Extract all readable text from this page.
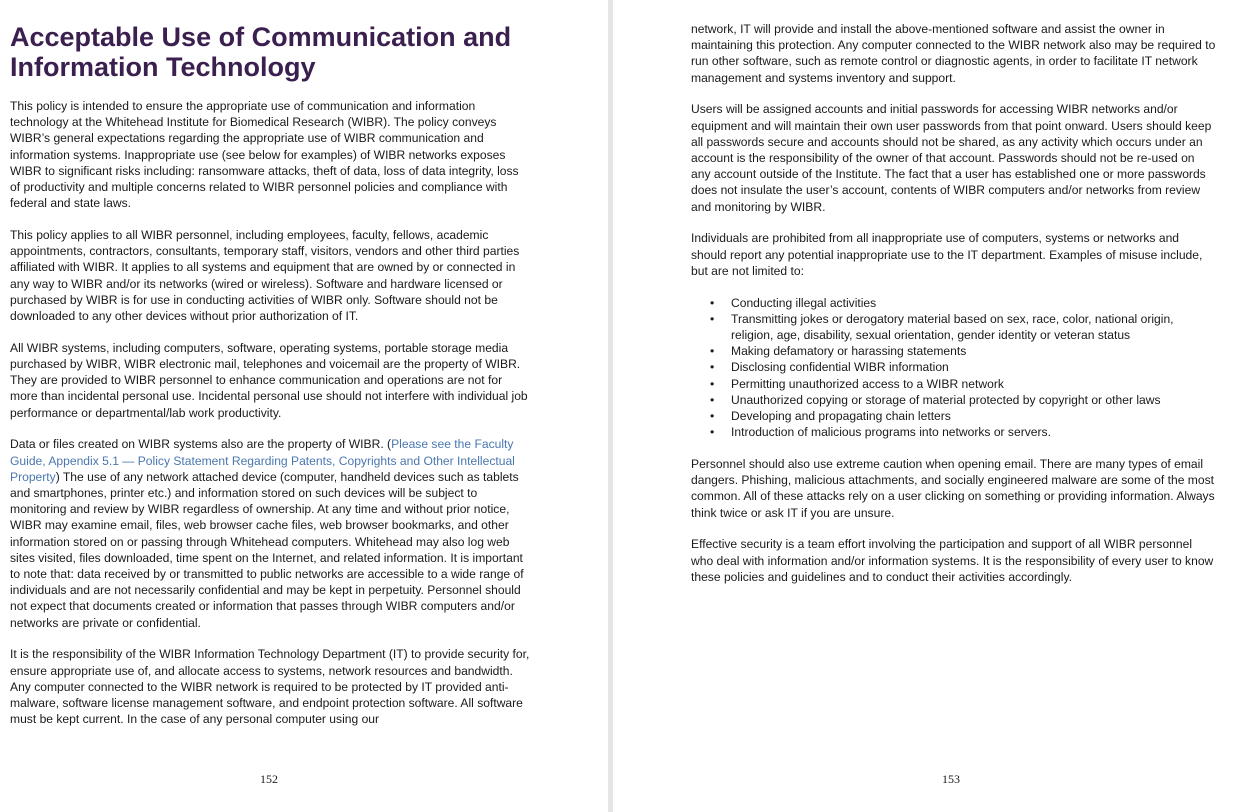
Acceptable Use of Communication and Information Technology

This policy is intended to ensure the appropriate use of communication and information technology at the Whitehead Institute for Biomedical Research (WIBR). The policy conveys WIBR’s general expectations regarding the appropriate use of WIBR communication and information systems. Inappropriate use (see below for examples) of WIBR networks exposes WIBR to significant risks including: ransomware attacks, theft of data, loss of data integrity, loss of productivity and multiple concerns related to WIBR personnel policies and compliance with federal and state laws.

This policy applies to all WIBR personnel, including employees, faculty, fellows, academic appointments, contractors, consultants, temporary staff, visitors, vendors and other third parties affiliated with WIBR. It applies to all systems and equipment that are owned by or connected in any way to WIBR and/or its networks (wired or wireless). Software and hardware licensed or purchased by WIBR is for use in conducting activities of WIBR only. Software should not be downloaded to any other devices without prior authorization of IT.

All WIBR systems, including computers, software, operating systems, portable storage media purchased by WIBR, WIBR electronic mail, telephones and voicemail are the property of WIBR. They are provided to WIBR personnel to enhance communication and operations are not for more than incidental personal use. Incidental personal use should not interfere with individual job performance or departmental/lab work productivity.

Data or files created on WIBR systems also are the property of WIBR. (Please see the Faculty Guide, Appendix 5.1 — Policy Statement Regarding Patents, Copyrights and Other Intellectual Property) The use of any network attached device (computer, handheld devices such as tablets and smartphones, printer etc.) and information stored on such devices will be subject to monitoring and review by WIBR regardless of ownership. At any time and without prior notice, WIBR may examine email, files, web browser cache files, web browser bookmarks, and other information stored on or passing through Whitehead computers. Whitehead may also log web sites visited, files downloaded, time spent on the Internet, and related information. It is important to note that: data received by or transmitted to public networks are accessible to a wide range of individuals and are not necessarily confidential and may be kept in perpetuity. Personnel should not expect that documents created or information that passes through WIBR computers and/or networks are private or confidential.

It is the responsibility of the WIBR Information Technology Department (IT) to provide security for, ensure appropriate use of, and allocate access to systems, network resources and bandwidth. Any computer connected to the WIBR network is required to be protected by IT provided anti-malware, software license management software, and endpoint protection software. All software must be kept current. In the case of any personal computer using our

152

network, IT will provide and install the above-mentioned software and assist the owner in maintaining this protection. Any computer connected to the WIBR network also may be required to run other software, such as remote control or diagnostic agents, in order to facilitate IT network management and systems inventory and support.

Users will be assigned accounts and initial passwords for accessing WIBR networks and/or equipment and will maintain their own user passwords from that point onward. Users should keep all passwords secure and accounts should not be shared, as any activity which occurs under an account is the responsibility of the owner of that account. Passwords should not be re-used on any account outside of the Institute. The fact that a user has established one or more passwords does not insulate the user’s account, contents of WIBR computers and/or networks from review and monitoring by WIBR.

Individuals are prohibited from all inappropriate use of computers, systems or networks and should report any potential inappropriate use to the IT department. Examples of misuse include, but are not limited to:

• Conducting illegal activities
• Transmitting jokes or derogatory material based on sex, race, color, national origin, religion, age, disability, sexual orientation, gender identity or veteran status
• Making defamatory or harassing statements
• Disclosing confidential WIBR information
• Permitting unauthorized access to a WIBR network
• Unauthorized copying or storage of material protected by copyright or other laws
• Developing and propagating chain letters
• Introduction of malicious programs into networks or servers.

Personnel should also use extreme caution when opening email. There are many types of email dangers. Phishing, malicious attachments, and socially engineered malware are some of the most common. All of these attacks rely on a user clicking on something or providing information. Always think twice or ask IT if you are unsure.

Effective security is a team effort involving the participation and support of all WIBR personnel who deal with information and/or information systems. It is the responsibility of every user to know these policies and guidelines and to conduct their activities accordingly.

153
